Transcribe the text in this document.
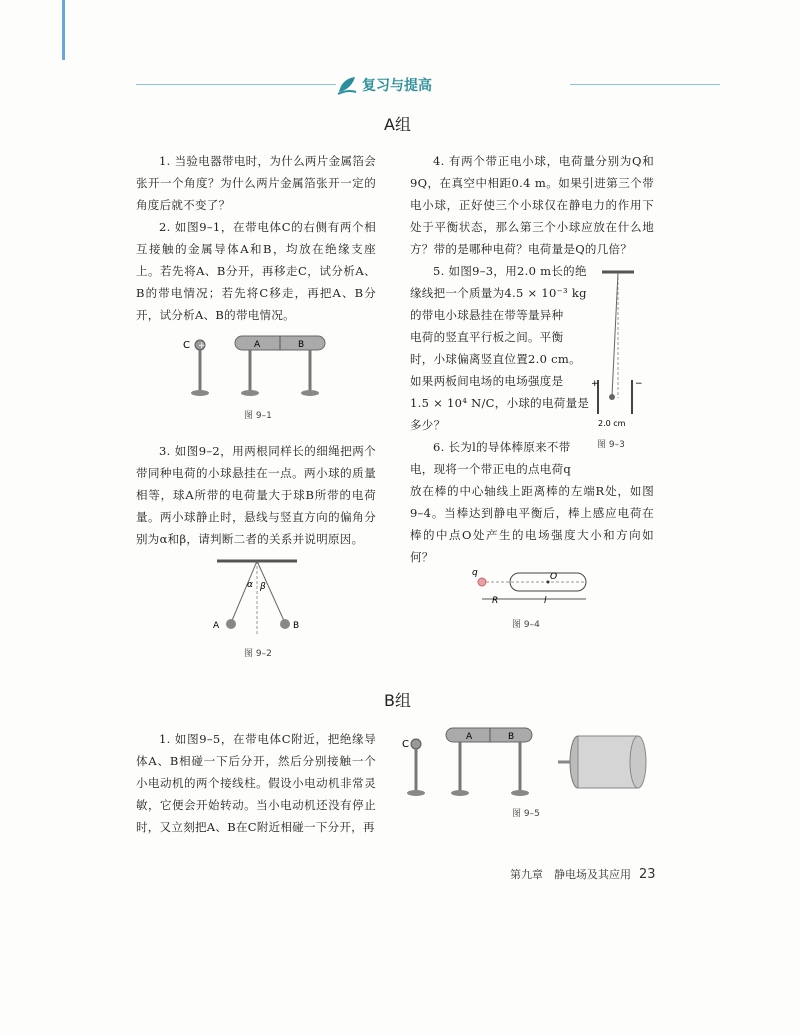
复习与提高
A组

1. 当验电器带电时，为什么两片金属箔会张开一个角度？为什么两片金属箔张开一定的角度后就不变了？

2. 如图9–1，在带电体C的右侧有两个相互接触的金属导体A和B，均放在绝缘支座上。若先将A、B分开，再移走C，试分析A、B的带电情况；若先将C移走，再把A、B分开，试分析A、B的带电情况。

C +	A	B
图 9–1

3. 如图9–2，用两根同样长的细绳把两个带同种电荷的小球悬挂在一点。两小球的质量相等，球A所带的电荷量大于球B所带的电荷量。两小球静止时，悬线与竖直方向的偏角分别为α和β，请判断二者的关系并说明原因。

A	B
α β
图 9–2

4. 有两个带正电小球，电荷量分别为Q和9Q，在真空中相距0.4 m。如果引进第三个带电小球，正好使三个小球仅在静电力的作用下处于平衡状态，那么第三个小球应放在什么地方？带的是哪种电荷？电荷量是Q的几倍？

5. 如图9–3，用2.0 m长的绝

缘线把一个质量为4.5 × 10⁻³ kg

的带电小球悬挂在带等量异种

电荷的竖直平行板之间。平衡

时，小球偏离竖直位置2.0 cm。

如果两板间电场的电场强度是

1.5 × 10⁴ N/C，小球的电荷量是

多少？

+	−
2.0 cm
图 9–3

6. 长为l的导体棒原来不带

电，现将一个带正电的点电荷q

放在棒的中心轴线上距离棒的左端R处，如图9–4。当棒达到静电平衡后，棒上感应电荷在棒的中点O处产生的电场强度大小和方向如何？

q	O
R	l
图 9–4
B组

1. 如图9–5，在带电体C附近，把绝缘导体A、B相碰一下后分开，然后分别接触一个小电动机的两个接线柱。假设小电动机非常灵敏，它便会开始转动。当小电动机还没有停止时，又立刻把A、B在C附近相碰一下分开，再

C
A	B
图 9–5
第九章　静电场及其应用 23
